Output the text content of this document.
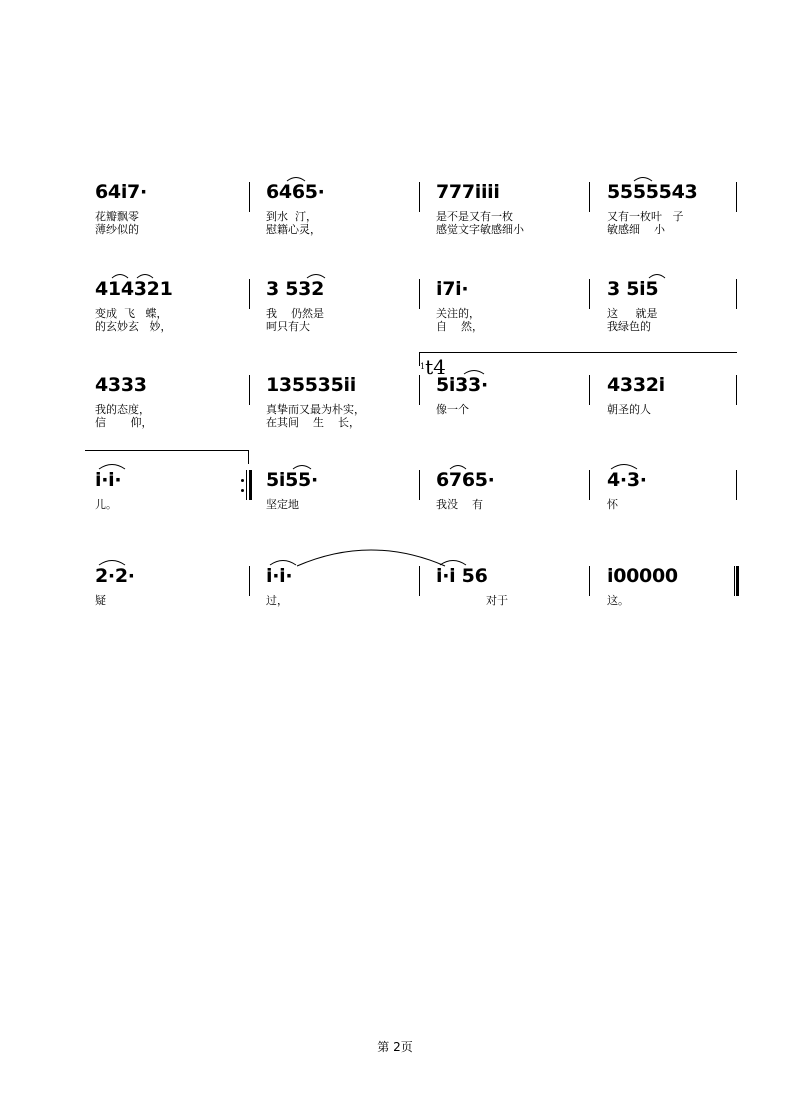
64i7·
花瓣飘零
薄纱似的
6465·
到水  汀，
慰籍心灵，
777iiii
是不是又有一枚
感觉文字敏感细小
5555543
又有一枚叶   子
敏感细    小
414321
变成  飞   蝶，
的玄妙玄   妙，
3 532
我    仍然是
呵只有大
i7i·
关注的，
自    然，
3 5i5
这     就是
我绿色的
$^1$t4
4333
我的态度，
信       仰，
135535ii
真挚而又最为朴实，
在其间    生    长，
5i33·
像一个
4332i
朝圣的人
i·i·
儿。
5i55·
坚定地
6765·
我没    有
4·3·
怀
2·2·
疑
i·i·
过，
i·i 56
对于
i00000
这。
第 2页
